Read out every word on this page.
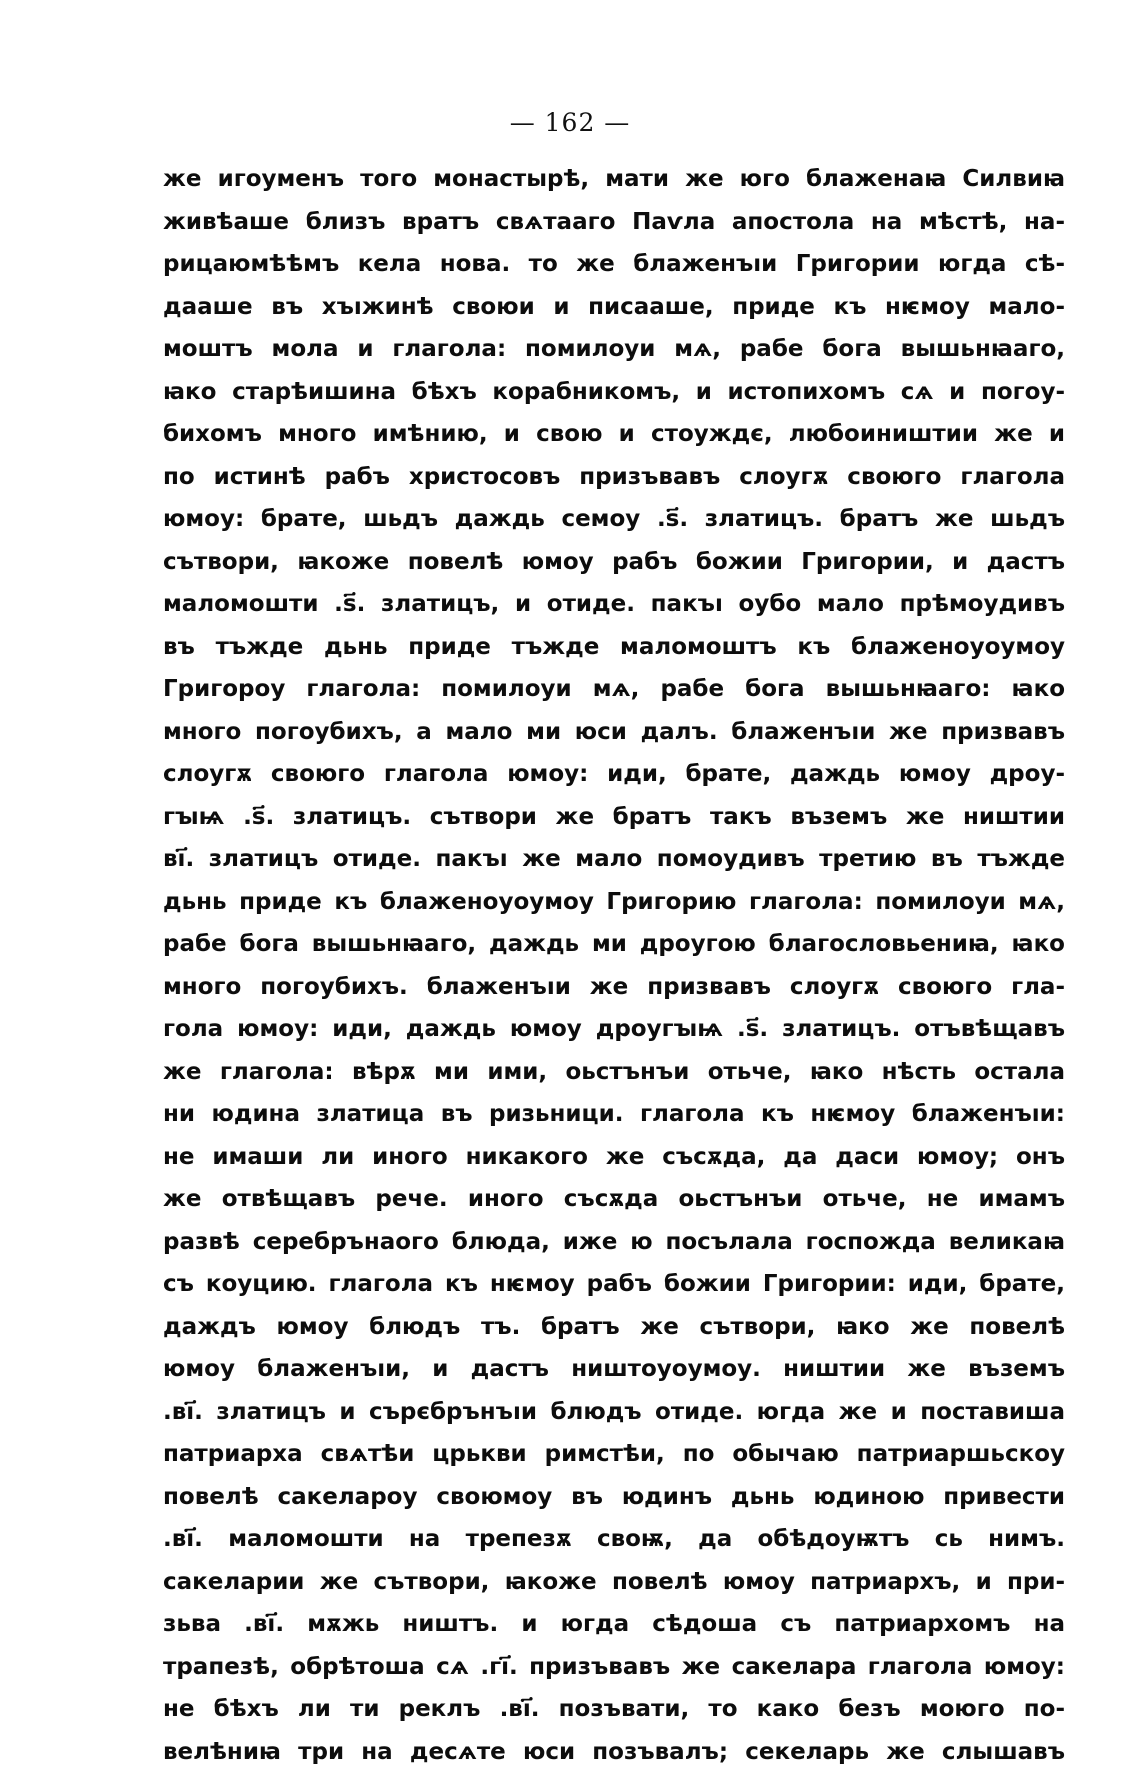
— 162 —
же игоуменъ того монастырѣ, мати же юго блаженаꙗ Силвиꙗ
живѣаше близъ вратъ свѧтааго Паѵла апостола на мѣстѣ, на-
рицаюмѣѣмъ кела нова. то же блаженъıи Григории югда сѣ-
дааше въ хъıжинѣ своюи и писааше, приде къ нѥмоу мало-
моштъ мола и глагола: помилоуи мѧ, рабе бога вышьнꙗаго,
ꙗко старѣишина бѣхъ корабникомъ, и истопихомъ сѧ и погоу-
бихомъ много имѣнию, и свою и стоуждє, любоиништии же и
по истинѣ рабъ христосовъ призъвавъ слоугѫ своюго глагола
юмоу: брате, шьдъ даждь семоу .ѕ҃. златицъ. братъ же шьдъ
сътвори, ꙗкоже повелѣ юмоу рабъ божии Григории, и дастъ
маломошти .ѕ҃. златицъ, и отиде. пакъı оубо мало прѣмоудивъ
въ тъжде дьнь приде тъжде маломоштъ къ блаженоуоумоу
Григороу глагола: помилоуи мѧ, рабе бога вышьнꙗаго: ꙗко
много погоубихъ, а мало ми юси далъ. блаженъıи же призвавъ
слоугѫ своюго глагола юмоу: иди, брате, даждь юмоу дроу-
гꙑѩ .ѕ҃. златицъ. сътвори же братъ такъ въземъ же ништии
ві҃. златицъ отиде. пакъı же мало помоудивъ третию въ тъжде
дьнь приде къ блаженоуоумоу Григорию глагола: помилоуи мѧ,
рабе бога вышьнꙗаго, даждь ми дроугою благословьениꙗ, ꙗко
много погоубихъ. блаженъıи же призвавъ слоугѫ своюго гла-
гола юмоу: иди, даждь юмоу дроугꙑѩ .ѕ҃. златицъ. отъвѣщавъ
же глагола: вѣрѫ ми ими, оьстънъи отьче, ꙗко нѣсть остала
ни юдина златица въ ризьници. глагола къ нѥмоу блаженъıи:
не имаши ли иного никакого же съсѫда, да даси юмоу; онъ
же отвѣщавъ рече. иного съсѫда оьстънъи отьче, не имамъ
развѣ серебрънаого блюда, иже ю посълала госпожда великаꙗ
съ коуцию. глагола къ нѥмоу рабъ божии Григории: иди, брате,
даждъ юмоу блюдъ тъ. братъ же сътвори, ꙗко же повелѣ
юмоу блаженъıи, и дастъ ништоуоумоу. ништии же въземъ
.ві҃. златицъ и сърєбрънъıи блюдъ отиде. югда же и поставиша
патриарха свѧтѣи црькви римстѣи, по обычаю патриаршьскоу
повелѣ сакелароу своюмоу въ юдинъ дьнь юдиною привести
.ві҃. маломошти на трепезѫ своѭ, да обѣдоуѭтъ сь нимъ.
сакеларии же сътвори, ꙗкоже повелѣ юмоу патриархъ, и при-
зьва .ві҃. мѫжь ништъ. и югда сѣдоша съ патриархомъ на
трапезѣ, обрѣтоша сѧ .гі҃. призъвавъ же сакелара глагола юмоу:
не бѣхъ ли ти реклъ .ві҃. позъвати, то како безъ моюго по-
велѣниꙗ три на десѧте юси позъвалъ; секеларь же слышавъ
